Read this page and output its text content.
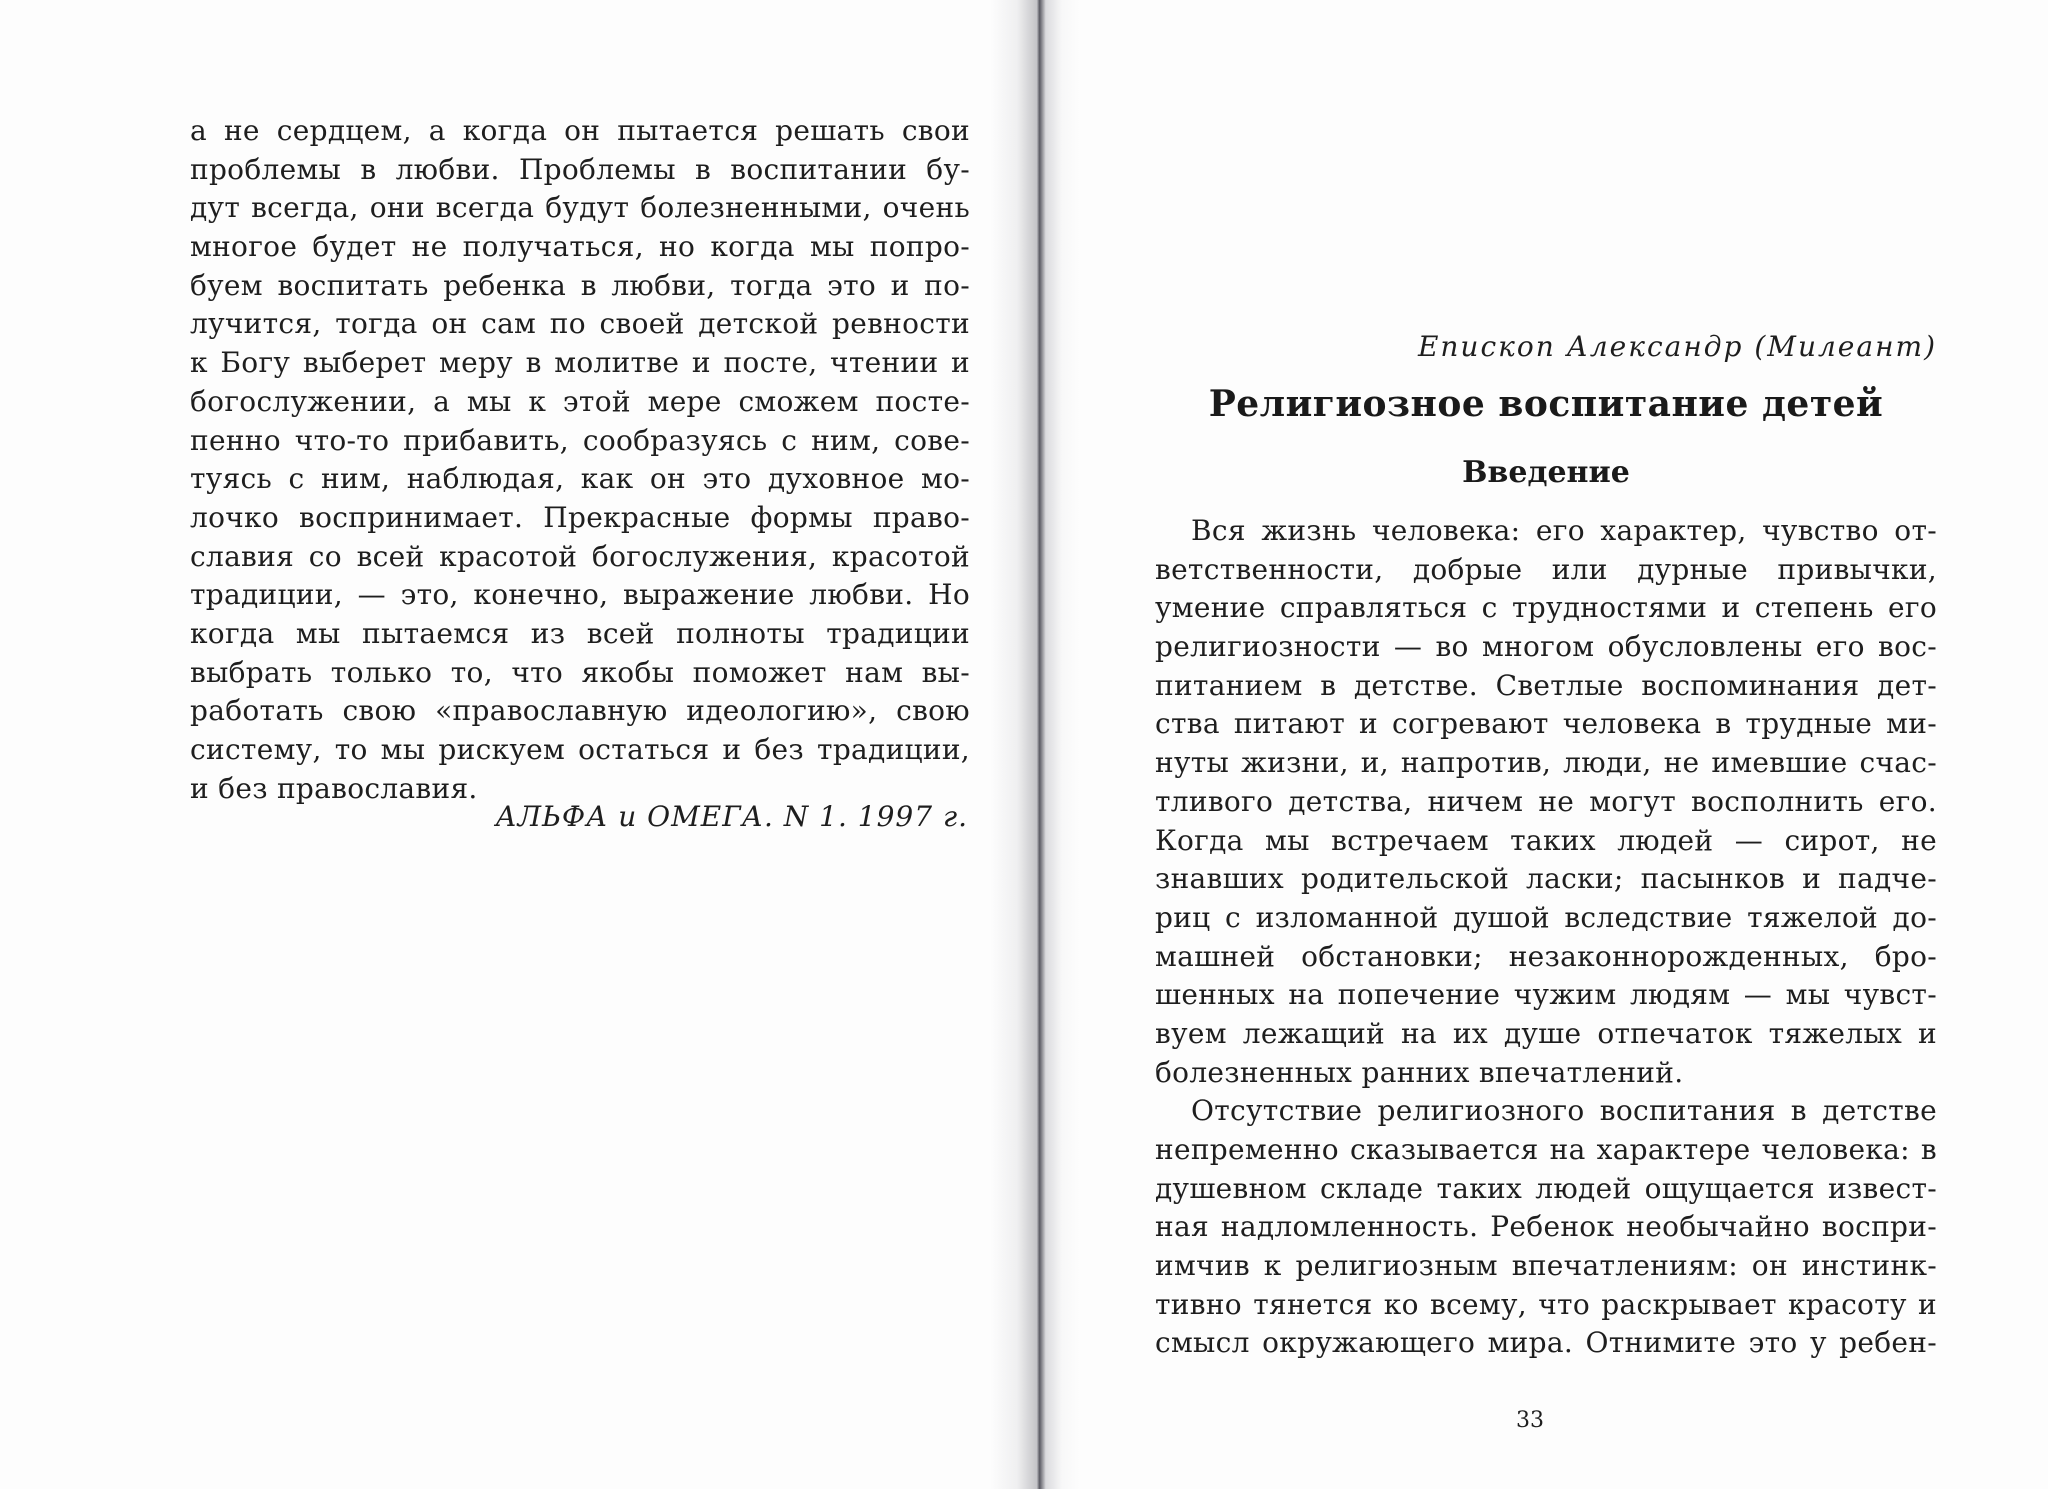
а не сердцем, а когда он пытается решать свои
проблемы в любви. Проблемы в воспитании бу-
дут всегда, они всегда будут болезненными, очень
многое будет не получаться, но когда мы попро-
буем воспитать ребенка в любви, тогда это и по-
лучится, тогда он сам по своей детской ревности
к Богу выберет меру в молитве и посте, чтении и
богослужении, а мы к этой мере сможем посте-
пенно что-то прибавить, сообразуясь с ним, сове-
туясь с ним, наблюдая, как он это духовное мо-
лочко воспринимает. Прекрасные формы право-
славия со всей красотой богослужения, красотой
традиции, — это, конечно, выражение любви. Но
когда мы пытаемся из всей полноты традиции
выбрать только то, что якобы поможет нам вы-
работать свою «православную идеологию», свою
систему, то мы рискуем остаться и без традиции,
и без православия.
АЛЬФА и ОМЕГА. N 1. 1997 г.
Епископ Александр (Милеант)
Религиозное воспитание детей
Введение
Вся жизнь человека: его характер, чувство от-
ветственности, добрые или дурные привычки,
умение справляться с трудностями и степень его
религиозности — во многом обусловлены его вос-
питанием в детстве. Светлые воспоминания дет-
ства питают и согревают человека в трудные ми-
нуты жизни, и, напротив, люди, не имевшие счас-
тливого детства, ничем не могут восполнить его.
Когда мы встречаем таких людей — сирот, не
знавших родительской ласки; пасынков и падче-
риц с изломанной душой вследствие тяжелой до-
машней обстановки; незаконнорожденных, бро-
шенных на попечение чужим людям — мы чувст-
вуем лежащий на их душе отпечаток тяжелых и
болезненных ранних впечатлений.
Отсутствие религиозного воспитания в детстве
непременно сказывается на характере человека: в
душевном складе таких людей ощущается извест-
ная надломленность. Ребенок необычайно воспри-
имчив к религиозным впечатлениям: он инстинк-
тивно тянется ко всему, что раскрывает красоту и
смысл окружающего мира. Отнимите это у ребен-
33
